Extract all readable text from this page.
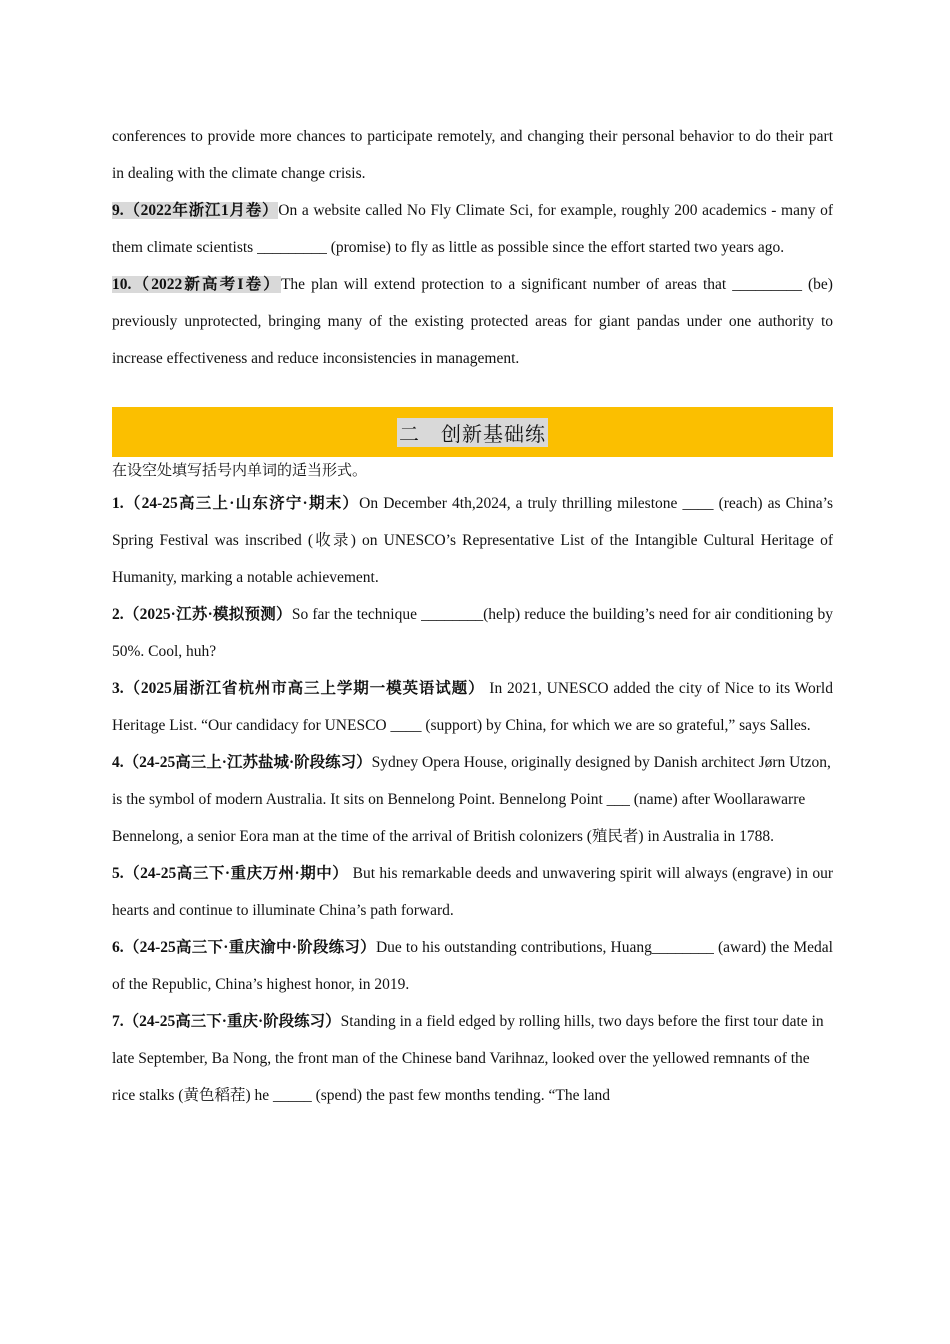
conferences to provide more chances to participate remotely, and changing their personal behavior to do their part in dealing with the climate change crisis.

9.（2022年浙江1月卷）On a website called No Fly Climate Sci, for example, roughly 200 academics - many of them climate scientists _________ (promise) to fly as little as possible since the effort started two years ago.

10.（2022新高考I卷）The plan will extend protection to a significant number of areas that _________ (be) previously unprotected, bringing many of the existing protected areas for giant pandas under one authority to increase effectiveness and reduce inconsistencies in management.

二　创新基础练

在设空处填写括号内单词的适当形式。

1.（24-25高三上·山东济宁·期末）On December 4th,2024, a truly thrilling milestone ____ (reach) as China’s Spring Festival was inscribed (收录) on UNESCO’s Representative List of the Intangible Cultural Heritage of Humanity, marking a notable achievement.

2.（2025·江苏·模拟预测）So far the technique ________(help) reduce the building’s need for air conditioning by 50%. Cool, huh?

3.（2025届浙江省杭州市高三上学期一模英语试题） In 2021, UNESCO added the city of Nice to its World Heritage List. “Our candidacy for UNESCO ____ (support) by China, for which we are so grateful,” says Salles.

4.（24-25高三上·江苏盐城·阶段练习）Sydney Opera House, originally designed by Danish architect Jørn Utzon, is the symbol of modern Australia. It sits on Bennelong Point. Bennelong Point ___ (name) after Woollarawarre Bennelong, a senior Eora man at the time of the arrival of British colonizers (殖民者) in Australia in 1788.

5.（24-25高三下·重庆万州·期中） But his remarkable deeds and unwavering spirit will always (engrave) in our hearts and continue to illuminate China’s path forward.

6.（24-25高三下·重庆渝中·阶段练习）Due to his outstanding contributions, Huang________ (award) the Medal of the Republic, China’s highest honor, in 2019.

7.（24-25高三下·重庆·阶段练习）Standing in a field edged by rolling hills, two days before the first tour date in late September, Ba Nong, the front man of the Chinese band Varihnaz, looked over the yellowed remnants of the rice stalks (黄色稻茬) he _____ (spend) the past few months tending. “The land
